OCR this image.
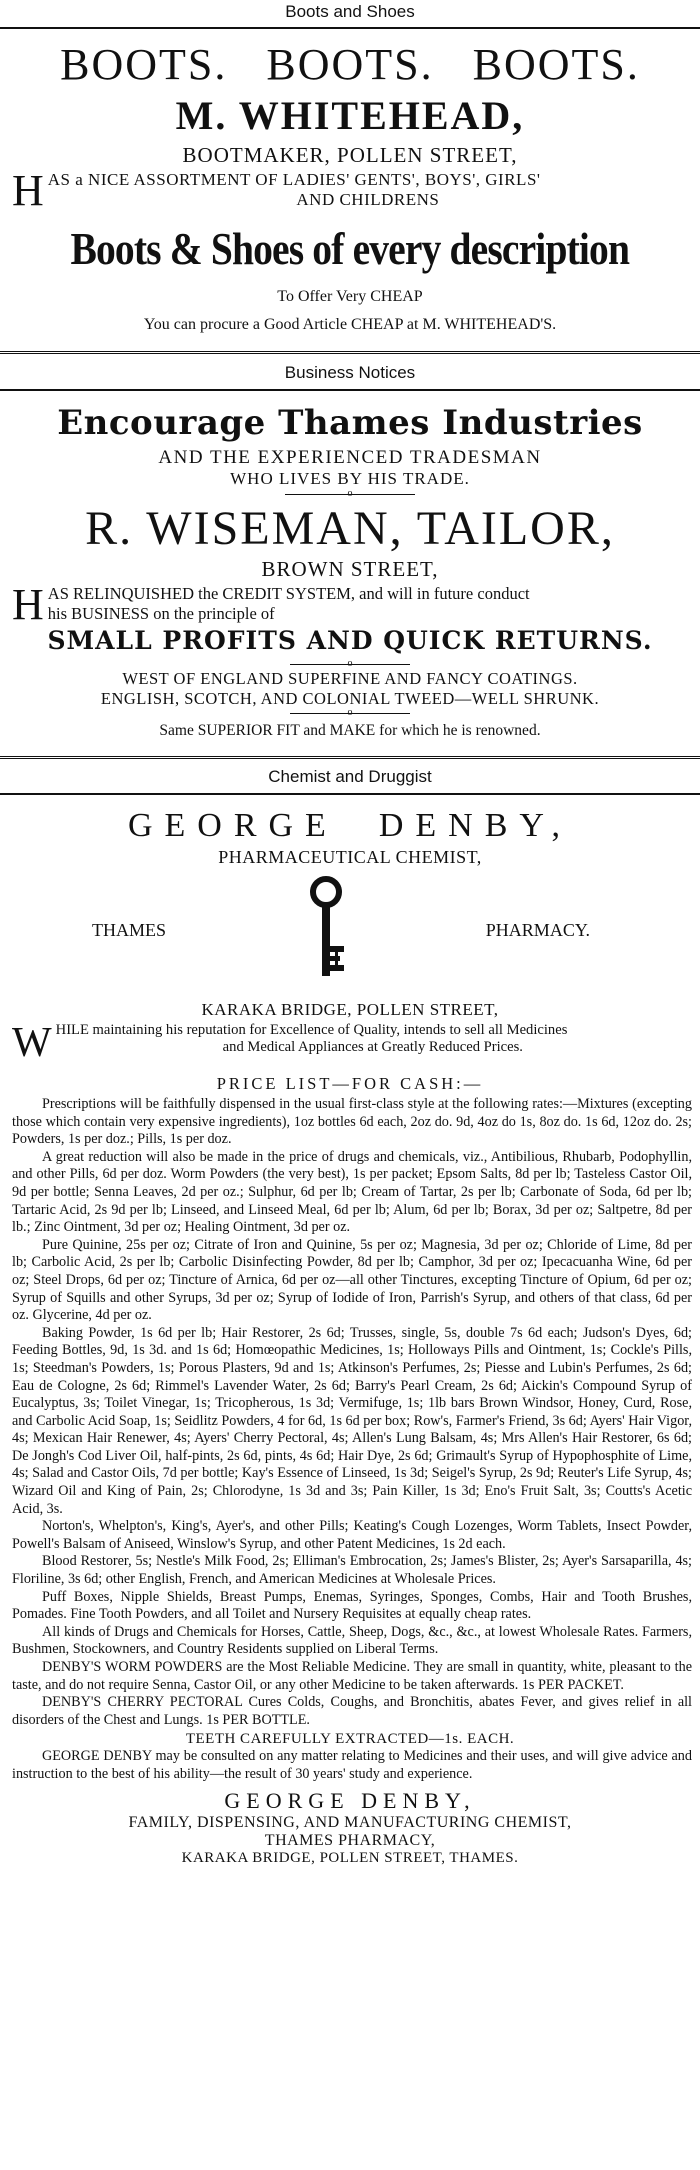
Boots and Shoes
BOOTS.   BOOTS.   BOOTS.
M. WHITEHEAD,
BOOTMAKER, POLLEN STREET,
H AS a NICE ASSORTMENT OF LADIES' GENTS', BOYS', GIRLS'
AND CHILDRENS
Boots & Shoes of every description
To Offer Very CHEAP
You can procure a Good Article CHEAP at M. WHITEHEAD'S.
Business Notices
Encourage Thames Industries
AND THE EXPERIENCED TRADESMAN
WHO LIVES BY HIS TRADE.
o
R. WISEMAN, TAILOR,
BROWN STREET,
H AS RELINQUISHED the CREDIT SYSTEM, and will in future conduct
his BUSINESS on the principle of
SMALL PROFITS AND QUICK RETURNS.
o
WEST OF ENGLAND SUPERFINE AND FANCY COATINGS.
ENGLISH, SCOTCH, AND COLONIAL TWEED—WELL SHRUNK.
o
Same SUPERIOR FIT and MAKE for which he is renowned.
Chemist and Druggist
GEORGE  DENBY,
PHARMACEUTICAL CHEMIST,
THAMES	PHARMACY.
KARAKA BRIDGE, POLLEN STREET,
W HILE maintaining his reputation for Excellence of Quality, intends to sell all Medicines
and Medical Appliances at Greatly Reduced Prices.
PRICE LIST—FOR CASH:—

Prescriptions will be faithfully dispensed in the usual first-class style at the following rates:—Mixtures (excepting those which contain very expensive ingredients), 1oz bottles 6d each, 2oz do. 9d, 4oz do 1s, 8oz do. 1s 6d, 12oz do. 2s; Powders, 1s per doz.; Pills, 1s per doz.

A great reduction will also be made in the price of drugs and chemicals, viz., Antibilious, Rhubarb, Podophyllin, and other Pills, 6d per doz. Worm Powders (the very best), 1s per packet; Epsom Salts, 8d per lb; Tasteless Castor Oil, 9d per bottle; Senna Leaves, 2d per oz.; Sulphur, 6d per lb; Cream of Tartar, 2s per lb; Carbonate of Soda, 6d per lb; Tartaric Acid, 2s 9d per lb; Linseed, and Linseed Meal, 6d per lb; Alum, 6d per lb; Borax, 3d per oz; Saltpetre, 8d per lb.; Zinc Ointment, 3d per oz; Healing Ointment, 3d per oz.

Pure Quinine, 25s per oz; Citrate of Iron and Quinine, 5s per oz; Magnesia, 3d per oz; Chloride of Lime, 8d per lb; Carbolic Acid, 2s per lb; Carbolic Disinfecting Powder, 8d per lb; Camphor, 3d per oz; Ipecacuanha Wine, 6d per oz; Steel Drops, 6d per oz; Tincture of Arnica, 6d per oz—all other Tinctures, excepting Tincture of Opium, 6d per oz; Syrup of Squills and other Syrups, 3d per oz; Syrup of Iodide of Iron, Parrish's Syrup, and others of that class, 6d per oz. Glycerine, 4d per oz.

Baking Powder, 1s 6d per lb; Hair Restorer, 2s 6d; Trusses, single, 5s, double 7s 6d each; Judson's Dyes, 6d; Feeding Bottles, 9d, 1s 3d. and 1s 6d; Homœopathic Medicines, 1s; Holloways Pills and Ointment, 1s; Cockle's Pills, 1s; Steedman's Powders, 1s; Porous Plasters, 9d and 1s; Atkinson's Perfumes, 2s; Piesse and Lubin's Perfumes, 2s 6d; Eau de Cologne, 2s 6d; Rimmel's Lavender Water, 2s 6d; Barry's Pearl Cream, 2s 6d; Aickin's Compound Syrup of Eucalyptus, 3s; Toilet Vinegar, 1s; Tricopherous, 1s 3d; Vermifuge, 1s; 1lb bars Brown Windsor, Honey, Curd, Rose, and Carbolic Acid Soap, 1s; Seidlitz Powders, 4 for 6d, 1s 6d per box; Row's, Farmer's Friend, 3s 6d; Ayers' Hair Vigor, 4s; Mexican Hair Renewer, 4s; Ayers' Cherry Pectoral, 4s; Allen's Lung Balsam, 4s; Mrs Allen's Hair Restorer, 6s 6d; De Jongh's Cod Liver Oil, half-pints, 2s 6d, pints, 4s 6d; Hair Dye, 2s 6d; Grimault's Syrup of Hypophosphite of Lime, 4s; Salad and Castor Oils, 7d per bottle; Kay's Essence of Linseed, 1s 3d; Seigel's Syrup, 2s 9d; Reuter's Life Syrup, 4s; Wizard Oil and King of Pain, 2s; Chlorodyne, 1s 3d and 3s; Pain Killer, 1s 3d; Eno's Fruit Salt, 3s; Coutts's Acetic Acid, 3s.

Norton's, Whelpton's, King's, Ayer's, and other Pills; Keating's Cough Lozenges, Worm Tablets, Insect Powder, Powell's Balsam of Aniseed, Winslow's Syrup, and other Patent Medicines, 1s 2d each.

Blood Restorer, 5s; Nestle's Milk Food, 2s; Elliman's Embrocation, 2s; James's Blister, 2s; Ayer's Sarsaparilla, 4s; Floriline, 3s 6d; other English, French, and American Medicines at Wholesale Prices.

Puff Boxes, Nipple Shields, Breast Pumps, Enemas, Syringes, Sponges, Combs, Hair and Tooth Brushes, Pomades. Fine Tooth Powders, and all Toilet and Nursery Requisites at equally cheap rates.

All kinds of Drugs and Chemicals for Horses, Cattle, Sheep, Dogs, &c., &c., at lowest Wholesale Rates. Farmers, Bushmen, Stockowners, and Country Residents supplied on Liberal Terms.

DENBY'S WORM POWDERS are the Most Reliable Medicine. They are small in quantity, white, pleasant to the taste, and do not require Senna, Castor Oil, or any other Medicine to be taken afterwards. 1s PER PACKET.

DENBY'S CHERRY PECTORAL Cures Colds, Coughs, and Bronchitis, abates Fever, and gives relief in all disorders of the Chest and Lungs. 1s PER BOTTLE.

TEETH CAREFULLY EXTRACTED—1s. EACH.

GEORGE DENBY may be consulted on any matter relating to Medicines and their uses, and will give advice and instruction to the best of his ability—the result of 30 years' study and experience.

GEORGE DENBY,
FAMILY, DISPENSING, AND MANUFACTURING CHEMIST,
THAMES PHARMACY,
KARAKA BRIDGE, POLLEN STREET, THAMES.
